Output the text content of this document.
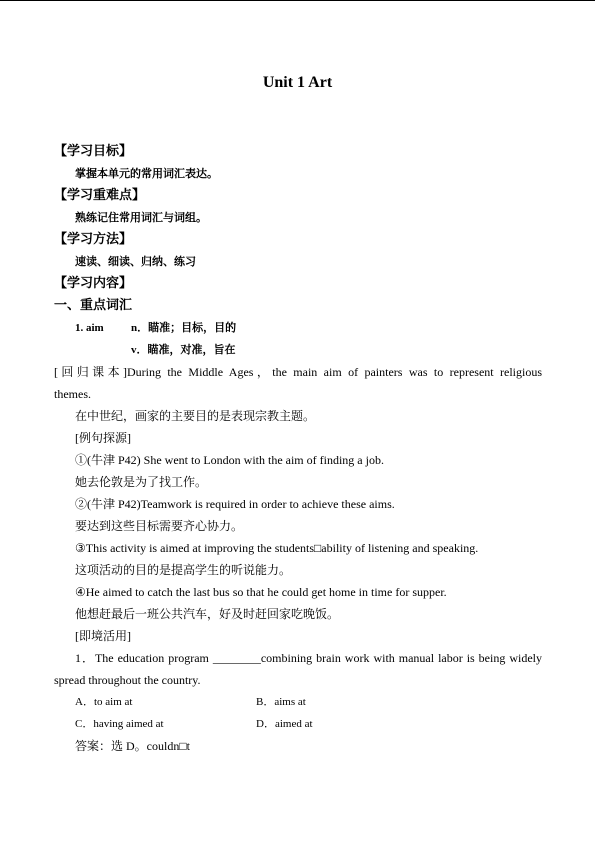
Unit 1 Art
【学习目标】
掌握本单元的常用词汇表达。
【学习重难点】
熟练记住常用词汇与词组。
【学习方法】
速读、细读、归纳、练习
【学习内容】
一、重点词汇
1. aim n．瞄准；目标，目的
v．瞄准，对准，旨在
[回归课本]During the Middle Ages，the main aim of painters was to represent religious
themes.
在中世纪，画家的主要目的是表现宗教主题。
[例句探源]
①(牛津 P42) She went to London with the aim of finding a job.
她去伦敦是为了找工作。
②(牛津 P42)Teamwork is required in order to achieve these aims.
要达到这些目标需要齐心协力。
③This activity is aimed at improving the students□ability of listening and speaking.
这项活动的目的是提高学生的听说能力。
④He aimed to catch the last bus so that he could get home in time for supper.
他想赶最后一班公共汽车，好及时赶回家吃晚饭。
[即境活用]
1．The education program ________combining brain work with manual labor is being widely
spread throughout the country.
A．to aim at	B．aims at
C．having aimed at	D．aimed at
答案：选 D。couldn□t
